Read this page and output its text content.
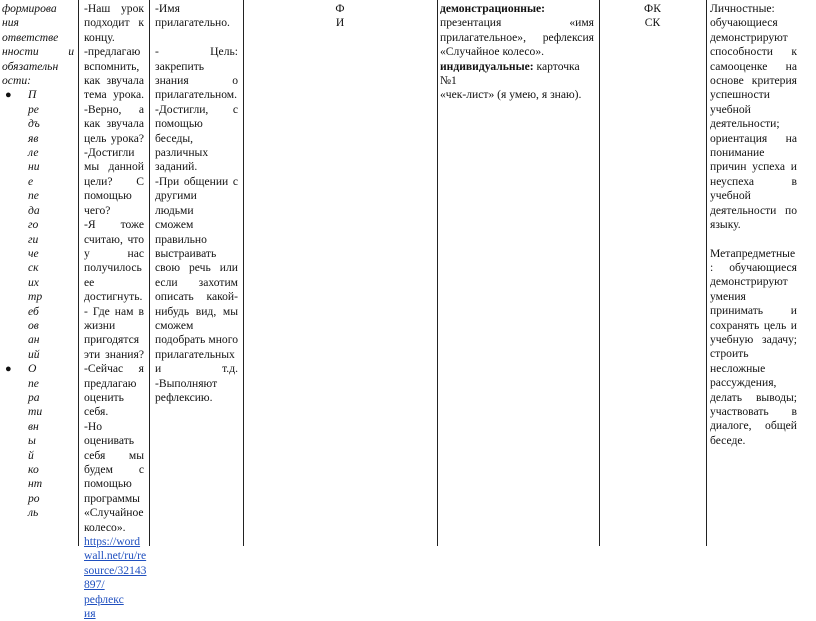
формирова

ния

ответстве

нности и

обязательн

ости:

● П
ре
дъ
яв
ле
ни
е
пе
да
го
ги
че
ск
их
тр
еб
ов
ан
ий
● О
пе
ра
ти
вн
ы
й
ко
нт
ро
ль

-Наш урок

подходит к

концу.

-предлагаю

вспомнить,

как звучала

тема урока.

-Верно, а

как звучала

цель урока?

-Достигли

мы данной

цели? С

помощью

чего?

-Я тоже

считаю, что

у нас

получилось

ее

достигнуть.

- Где нам в

жизни

пригодятся

эти знания?

-Сейчас я

предлагаю

оценить

себя.

-Но

оценивать

себя мы

будем с

помощью

программы

«Случайное

колесо».

https://word

wall.net/ru/re

source/32143

897/рефлекс

ия

-Имя

прилагательно.

- Цель:

закрепить

знания о

прилагательном.

-Достигли, с

помощью

беседы,

различных

заданий.

-При общении с

другими людьми

сможем

правильно

выстраивать

свою речь или

если захотим

описать какой-

нибудь вид, мы

сможем

подобрать много

прилагательных

и т.д.

-Выполняют

рефлексию.

Ф

И

демонстрационные:

презентация	«имя

прилагательное», рефлексия

«Случайное колесо».

индивидуальные: карточка №1

«чек-лист» (я умею, я знаю).

ФК

СК

Личностные:

обучающиеся

демонстрируют

способности к

самооценке на

основе критерия

успешности

учебной

деятельности;

ориентация на

понимание

причин успеха и

неуспеха в

учебной

деятельности по

языку.

Метапредметные

: обучающиеся

демонстрируют

умения

принимать и

сохранять цель и

учебную задачу;

строить

несложные

рассуждения,

делать выводы;

участвовать в

диалоге, общей

беседе.
